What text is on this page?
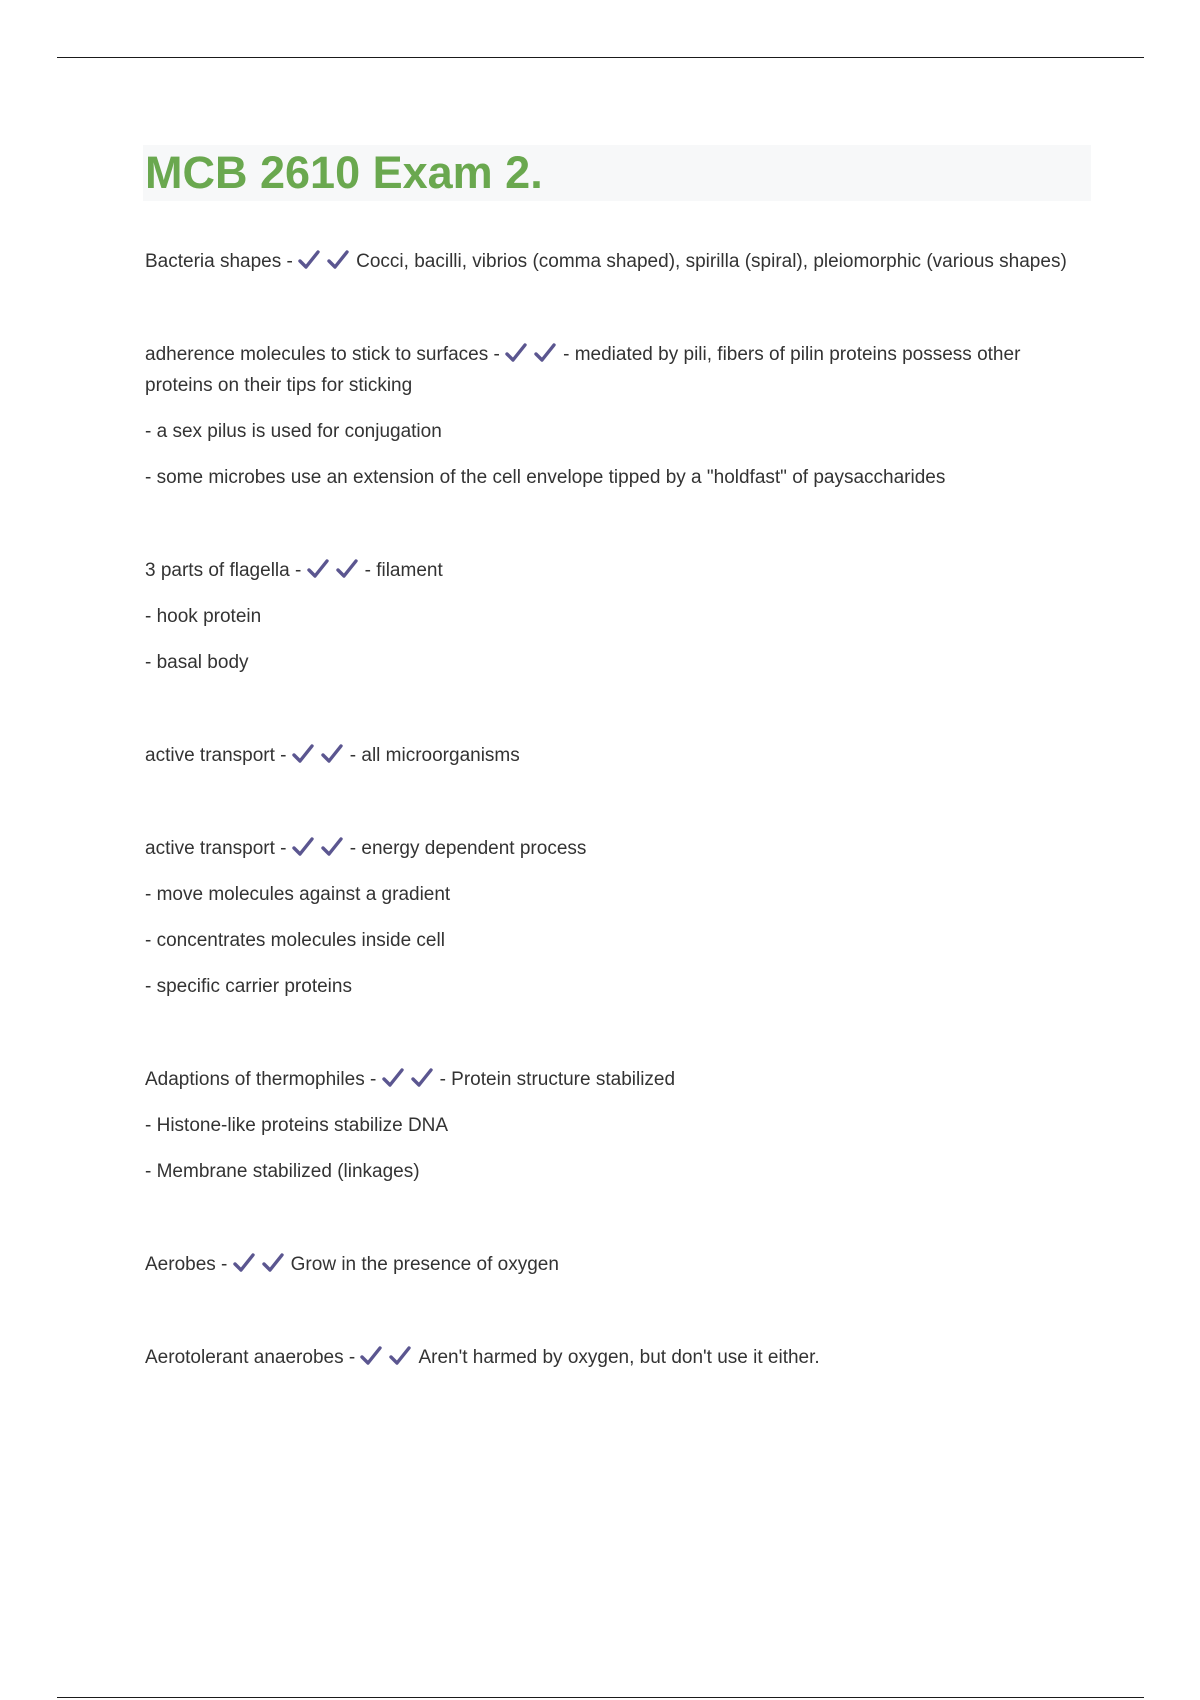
MCB 2610 Exam 2.

Bacteria shapes -	Cocci, bacilli, vibrios (comma shaped), spirilla (spiral), pleiomorphic (various shapes)

adherence molecules to stick to surfaces -	- mediated by pili, fibers of pilin proteins possess other proteins on their tips for sticking

- a sex pilus is used for conjugation

- some microbes use an extension of the cell envelope tipped by a "holdfast" of paysaccharides

3 parts of flagella -	- filament

- hook protein

- basal body

active transport -	- all microorganisms

active transport -	- energy dependent process

- move molecules against a gradient

- concentrates molecules inside cell

- specific carrier proteins

Adaptions of thermophiles -	- Protein structure stabilized

- Histone-like proteins stabilize DNA

- Membrane stabilized (linkages)

Aerobes -	Grow in the presence of oxygen

Aerotolerant anaerobes -	Aren't harmed by oxygen, but don't use it either.
